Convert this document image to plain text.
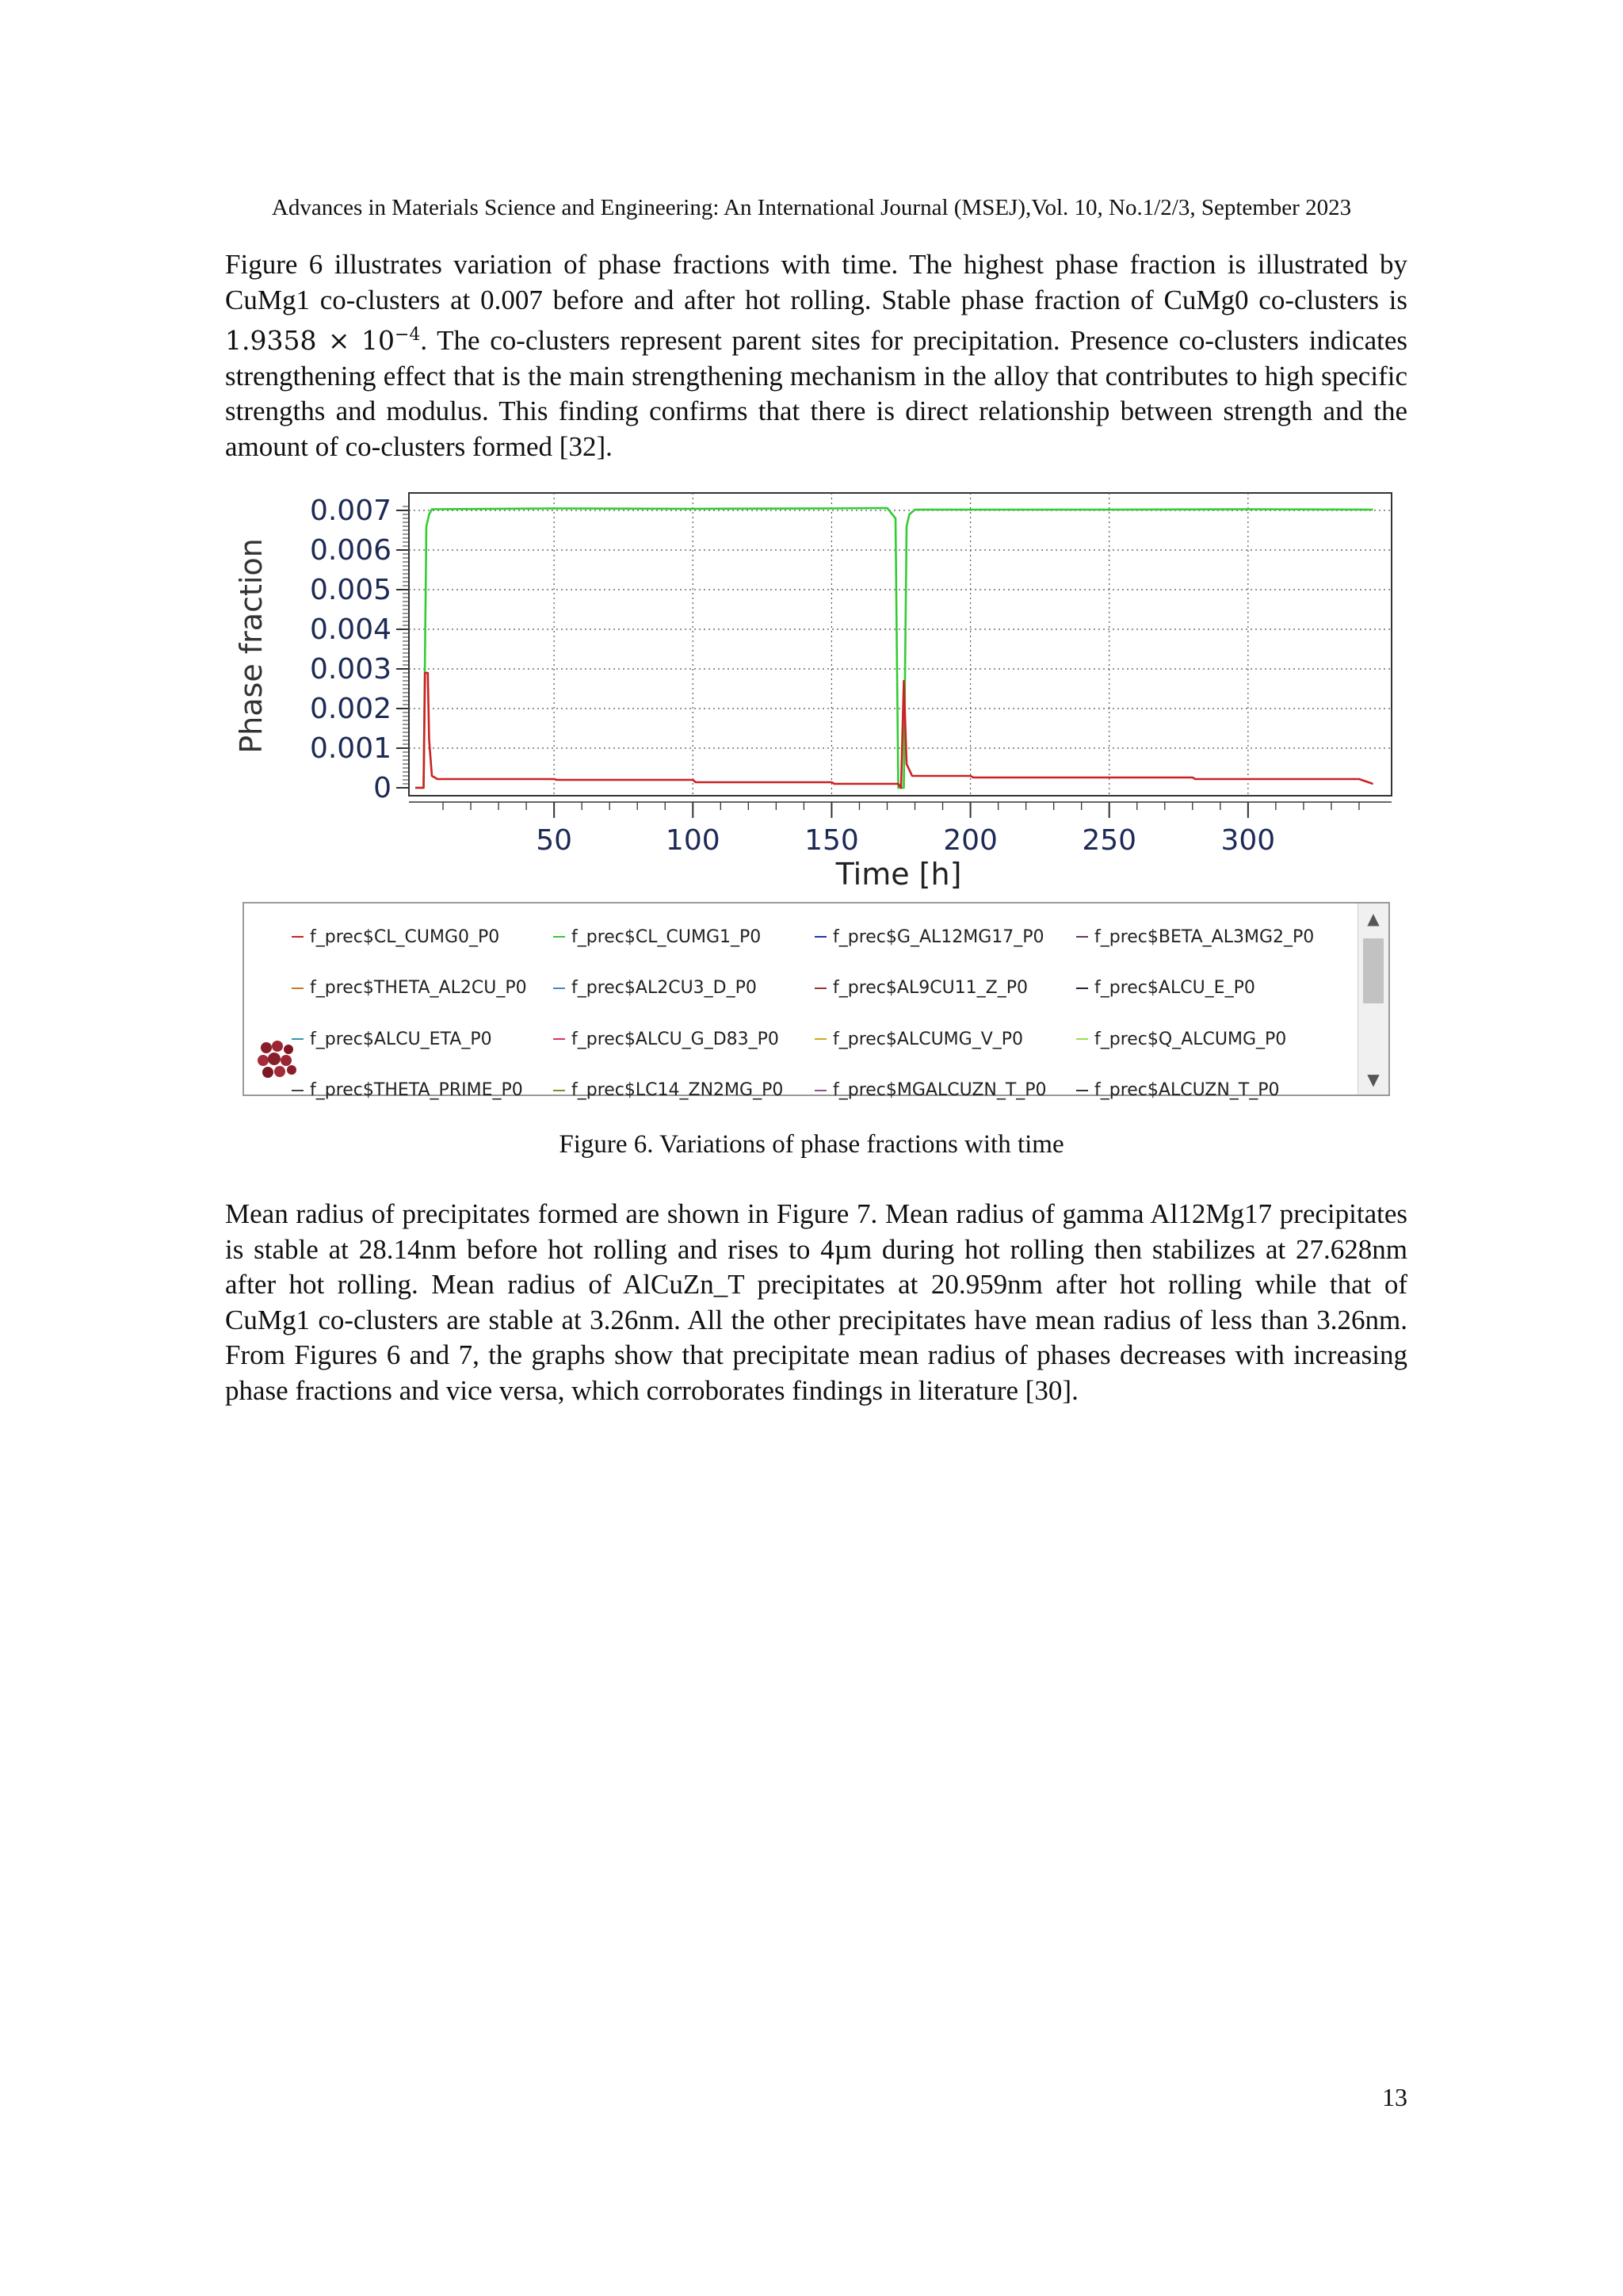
Advances in Materials Science and Engineering: An International Journal (MSEJ),Vol. 10, No.1/2/3, September 2023

Figure 6 illustrates variation of phase fractions with time. The highest phase fraction is illustrated by CuMg1 co-clusters at 0.007 before and after hot rolling. Stable phase fraction of CuMg0 co-clusters is $1.9358 \times 10^{-4}$. The co-clusters represent parent sites for precipitation. Presence co-clusters indicates strengthening effect that is the main strengthening mechanism in the alloy that contributes to high specific strengths and modulus. This finding confirms that there is direct relationship between strength and the amount of co-clusters formed [32].

0
0.001
0.002
0.003
0.004
0.005
0.006
0.007
50	100	150	200	250	300
Phase fraction
Time [h]
f_prec$CL_CUMG0_P0	f_prec$CL_CUMG1_P0	f_prec$G_AL12MG17_P0	f_prec$BETA_AL3MG2_P0
f_prec$THETA_AL2CU_P0	f_prec$AL2CU3_D_P0	f_prec$AL9CU11_Z_P0	f_prec$ALCU_E_P0
f_prec$ALCU_ETA_P0	f_prec$ALCU_G_D83_P0	f_prec$ALCUMG_V_P0	f_prec$Q_ALCUMG_P0
f_prec$THETA_PRIME_P0	f_prec$LC14_ZN2MG_P0	f_prec$MGALCUZN_T_P0	f_prec$ALCUZN_T_P0
▲
▼
Figure 6. Variations of phase fractions with time

Mean radius of precipitates formed are shown in Figure 7. Mean radius of gamma Al12Mg17 precipitates is stable at 28.14nm before hot rolling and rises to 4µm during hot rolling then stabilizes at 27.628nm after hot rolling. Mean radius of AlCuZn_T precipitates at 20.959nm after hot rolling while that of CuMg1 co-clusters are stable at 3.26nm. All the other precipitates have mean radius of less than 3.26nm. From Figures 6 and 7, the graphs show that precipitate mean radius of phases decreases with increasing phase fractions and vice versa, which corroborates findings in literature [30].

13
